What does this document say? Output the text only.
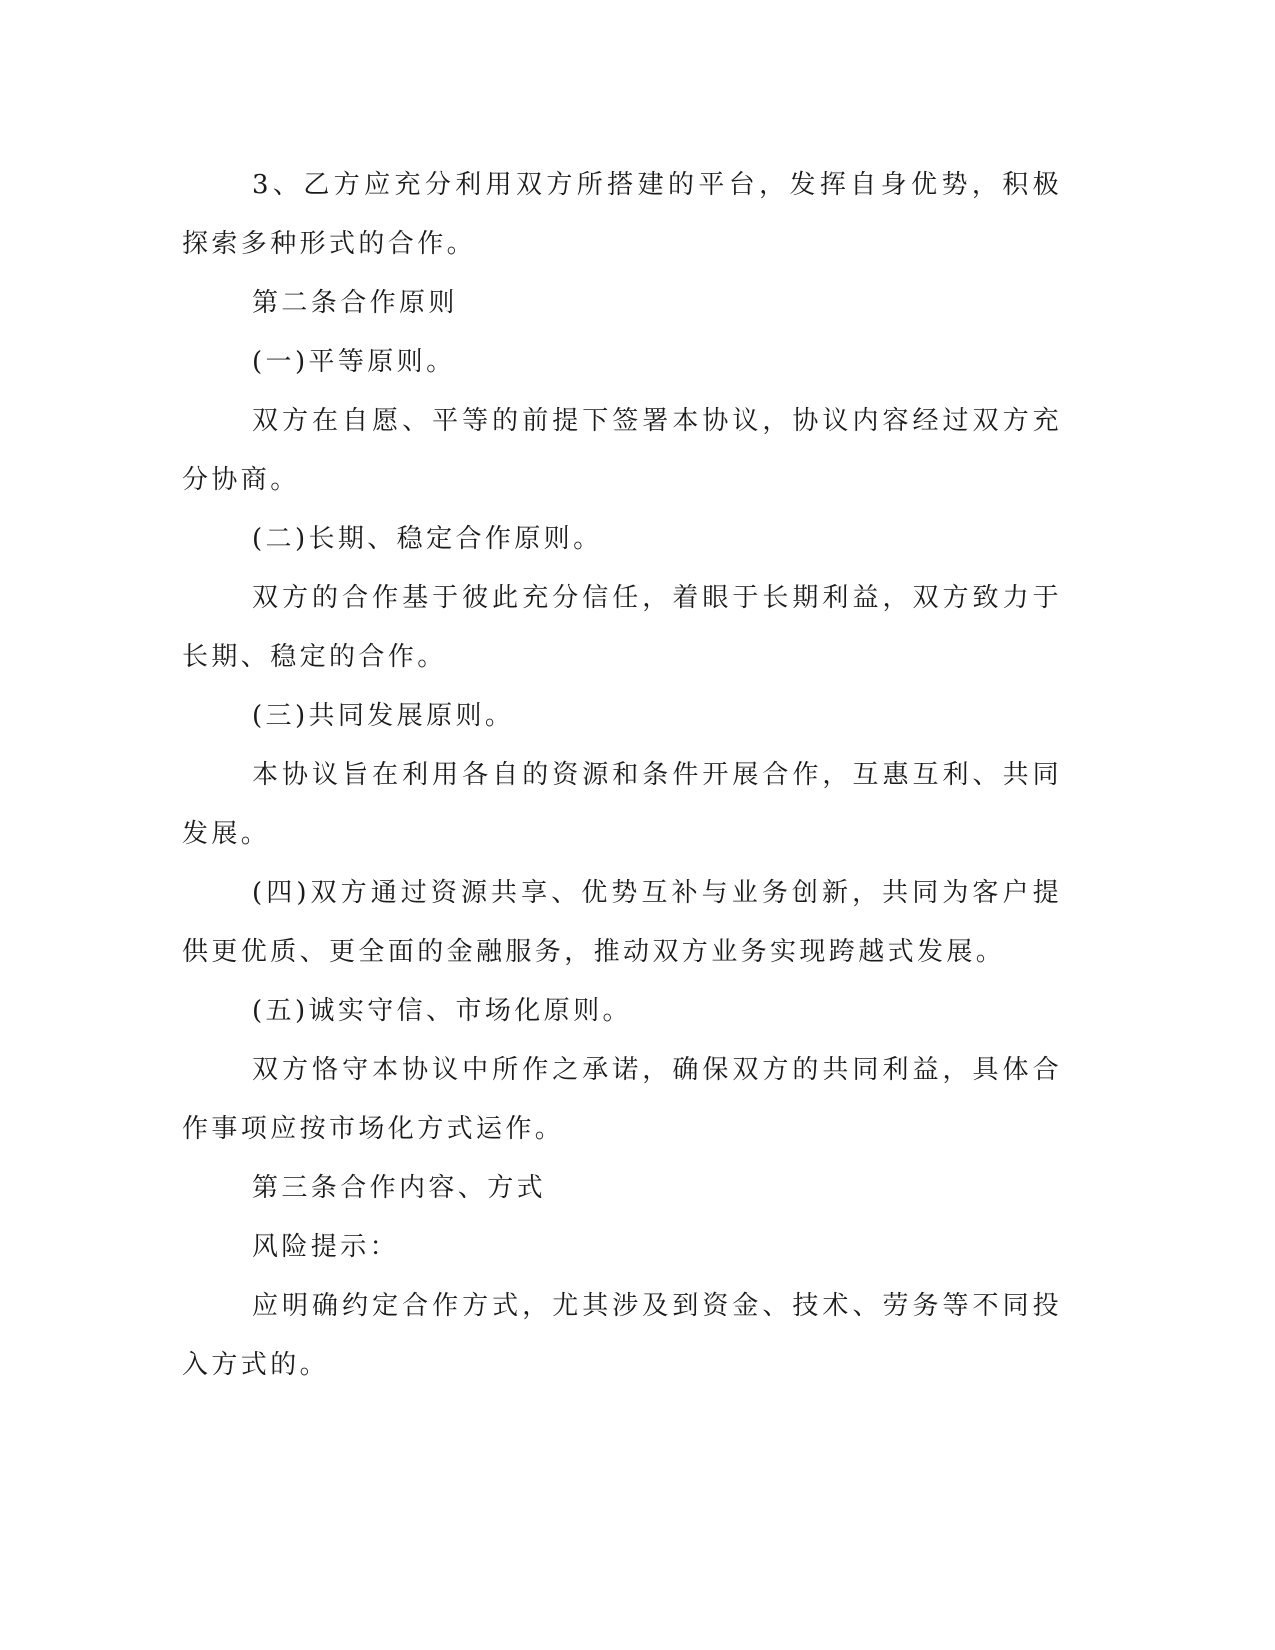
3、乙方应充分利用双方所搭建的平台，发挥自身优势，积极探索多种形式的合作。

第二条合作原则

(一)平等原则。

双方在自愿、平等的前提下签署本协议，协议内容经过双方充分协商。

(二)长期、稳定合作原则。

双方的合作基于彼此充分信任，着眼于长期利益，双方致力于长期、稳定的合作。

(三)共同发展原则。

本协议旨在利用各自的资源和条件开展合作，互惠互利、共同发展。

(四)双方通过资源共享、优势互补与业务创新，共同为客户提供更优质、更全面的金融服务，推动双方业务实现跨越式发展。

(五)诚实守信、市场化原则。

双方恪守本协议中所作之承诺，确保双方的共同利益，具体合作事项应按市场化方式运作。

第三条合作内容、方式

风险提示：

应明确约定合作方式，尤其涉及到资金、技术、劳务等不同投入方式的。
